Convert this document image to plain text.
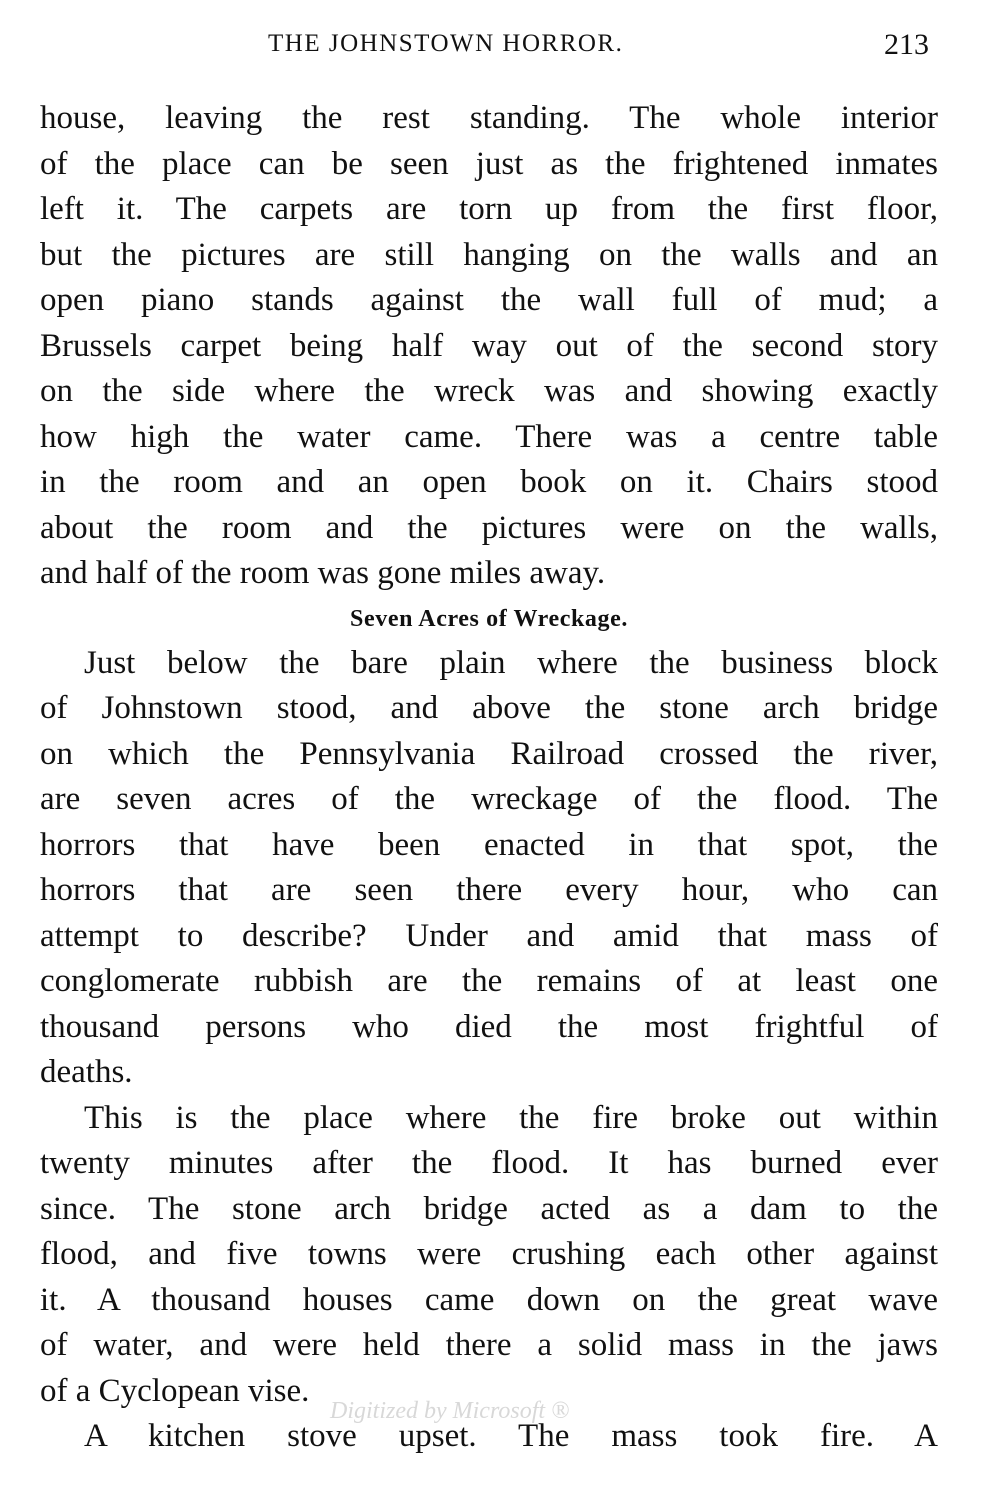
THE JOHNSTOWN HORROR.	213
house, leaving the rest standing. The whole interior
of the place can be seen just as the frightened inmates
left it. The carpets are torn up from the first floor,
but the pictures are still hanging on the walls and an
open piano stands against the wall full of mud; a
Brussels carpet being half way out of the second story
on the side where the wreck was and showing exactly
how high the water came. There was a centre table
in the room and an open book on it. Chairs stood
about the room and the pictures were on the walls,
and half of the room was gone miles away.
Seven Acres of Wreckage.
Just below the bare plain where the business block
of Johnstown stood, and above the stone arch bridge
on which the Pennsylvania Railroad crossed the river,
are seven acres of the wreckage of the flood. The
horrors that have been enacted in that spot, the
horrors that are seen there every hour, who can
attempt to describe? Under and amid that mass of
conglomerate rubbish are the remains of at least one
thousand persons who died the most frightful of
deaths.
This is the place where the fire broke out within
twenty minutes after the flood. It has burned ever
since. The stone arch bridge acted as a dam to the
flood, and five towns were crushing each other against
it. A thousand houses came down on the great wave
of water, and were held there a solid mass in the jaws
of a Cyclopean vise.
A kitchen stove upset. The mass took fire. A
Digitized by Microsoft ®
